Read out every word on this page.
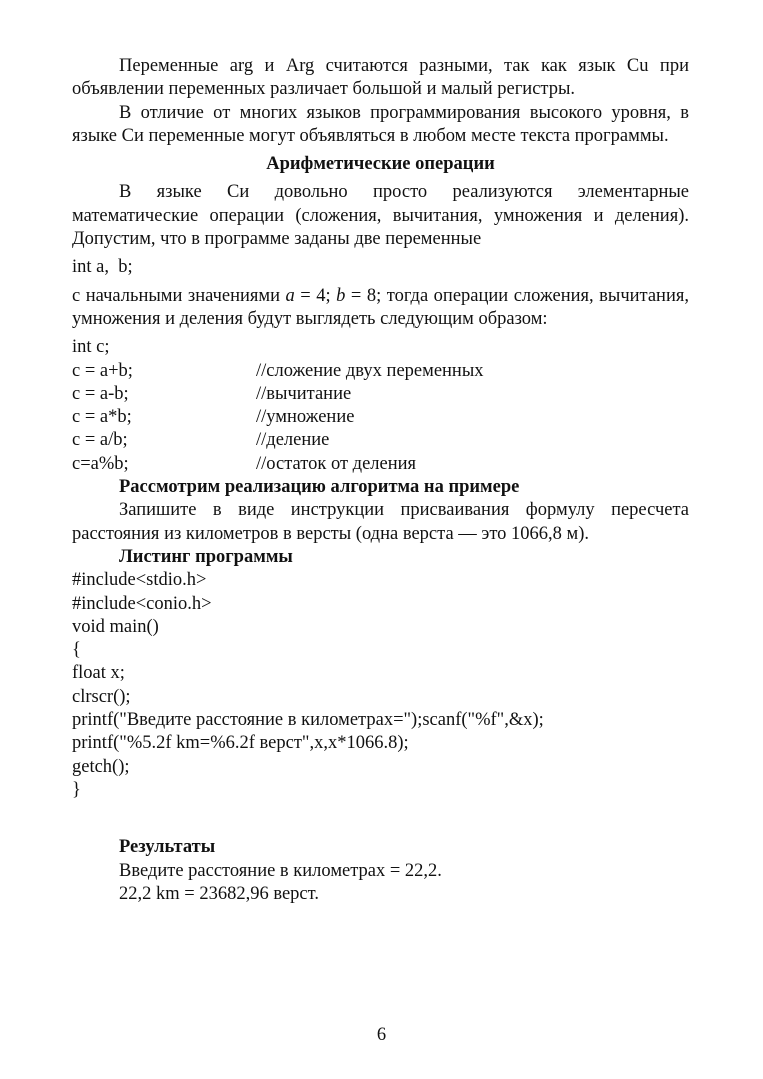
Переменные arg и Arg считаются разными, так как язык Cu при объявлении переменных различает большой и малый регистры.

В отличие от многих языков программирования высокого уровня, в языке Си переменные могут объявляться в любом месте текста программы.

Арифметические операции

В языке Си довольно просто реализуются элементарные математические операции (сложения, вычитания, умножения и деления). Допустим, что в программе заданы две переменные

int a,  b;

с начальными значениями a = 4; b = 8; тогда операции сложения, вычитания, умножения и деления будут выглядеть следующим образом:

int c;

c = a+b;	//сложение двух переменных
c = a-b;	//вычитание
c = a*b;	//умножение
c = a/b;	//деление
c=a%b;	//остаток от деления

Рассмотрим реализацию алгоритма на примере

Запишите в виде инструкции присваивания формулу пересчета расстояния из километров в версты (одна верста — это 1066,8 м).

Листинг программы

#include<stdio.h>

#include<conio.h>

void main()

{

float x;

clrscr();

printf("Введите расстояние в километрах=");scanf("%f",&x);

printf("%5.2f km=%6.2f верст",x,x*1066.8);

getch();

}

Результаты

Введите расстояние в километрах = 22,2.

22,2 km = 23682,96 верст.

6
